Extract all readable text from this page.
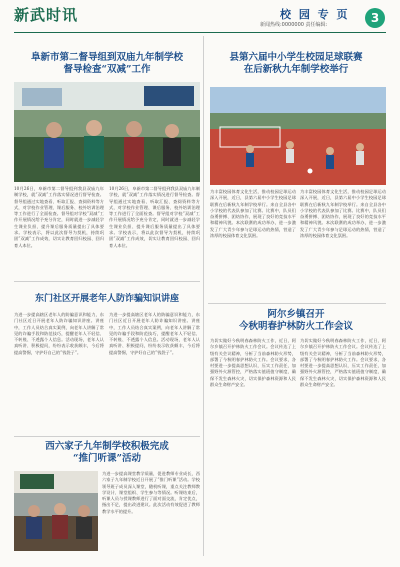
新武时讯	校 园 专 页
新闻热线:0000000 责任编辑:	3
阜新市第二督导组到双庙九年制学校
督导检查“双减”工作
10月26日，阜新市第二督导组到我县双庙九年制学校，就“双减”工作落实情况进行督导检查。督导组通过实地查看、听取汇报、查阅资料等方式，对学校作业管理、课后服务、校外培训治理等工作进行了全面检查。督导组对学校“双减”工作开展情况给予充分肯定，同时就进一步减轻学生课业负担、提升课后服务质量提出了具体要求。学校表示，将以此次督导为契机，持续巩固“双减”工作成效，切实让教育回归校园、回归育人本位。
10月26日，阜新市第二督导组到我县双庙九年制学校，就“双减”工作落实情况进行督导检查。督导组通过实地查看、听取汇报、查阅资料等方式，对学校作业管理、课后服务、校外培训治理等工作进行了全面检查。督导组对学校“双减”工作开展情况给予充分肯定，同时就进一步减轻学生课业负担、提升课后服务质量提出了具体要求。学校表示，将以此次督导为契机，持续巩固“双减”工作成效，切实让教育回归校园、回归育人本位。
东门社区开展老年人防诈骗知识讲座
为进一步提高辖区老年人的防骗意识和能力，东门社区近日开展老年人防诈骗知识讲座。讲座中，工作人员结合真实案例，向老年人讲解了常见的诈骗手段和防范技巧，提醒老年人不轻信、不转账、不透露个人信息。活动现场，老年人认真听讲、积极提问，纷纷表示收获颇丰，今后将提高警惕，守护好自己的“钱袋子”。
为进一步提高辖区老年人的防骗意识和能力，东门社区近日开展老年人防诈骗知识讲座。讲座中，工作人员结合真实案例，向老年人讲解了常见的诈骗手段和防范技巧，提醒老年人不轻信、不转账、不透露个人信息。活动现场，老年人认真听讲、积极提问，纷纷表示收获颇丰，今后将提高警惕，守护好自己的“钱袋子”。
西六家子九年制学校积极完成
“推门听课”活动
为进一步提高课堂教学质量，促进教师专业成长，西六家子九年制学校近日开展了“推门听课”活动。学校领导班子成员深入课堂，随机听课，重点关注教师教学设计、课堂组织、学生参与等情况。听课结束后，听课人员与授课教师进行了面对面交流，肯定优点，指出不足，提出改进建议。此次活动有效促进了教师教学水平的提升。
县第六届中小学生校园足球联赛
在后新秋九年制学校举行
为丰富校园体育文化生活，推动校园足球运动深入开展，近日，县第六届中小学生校园足球联赛在后新秋九年制学校举行。来自全县各中小学校的代表队参加了比赛。比赛中，队员们奋勇拼搏、团结协作，展现了良好的竞技水平和精神风貌。本次联赛的成功举办，进一步激发了广大青少年参与足球运动的热情，营造了浓厚的校园体育文化氛围。
为丰富校园体育文化生活，推动校园足球运动深入开展，近日，县第六届中小学生校园足球联赛在后新秋九年制学校举行。来自全县各中小学校的代表队参加了比赛。比赛中，队员们奋勇拼搏、团结协作，展现了良好的竞技水平和精神风貌。本次联赛的成功举办，进一步激发了广大青少年参与足球运动的热情，营造了浓厚的校园体育文化氛围。
阿尔乡镇召开
今秋明春护林防火工作会议
为切实做好今秋明春森林防火工作，近日，阿尔乡镇召开护林防火工作会议。会议传达了上级有关会议精神，分析了当前森林防火形势，部署了今秋明春护林防火工作。会议要求，各村要进一步提高思想认识，压实工作责任，加强野外火源管控，严格落实值班值守制度，确保不发生森林火灾，切实保护森林资源和人民群众生命财产安全。
为切实做好今秋明春森林防火工作，近日，阿尔乡镇召开护林防火工作会议。会议传达了上级有关会议精神，分析了当前森林防火形势，部署了今秋明春护林防火工作。会议要求，各村要进一步提高思想认识，压实工作责任，加强野外火源管控，严格落实值班值守制度，确保不发生森林火灾，切实保护森林资源和人民群众生命财产安全。
